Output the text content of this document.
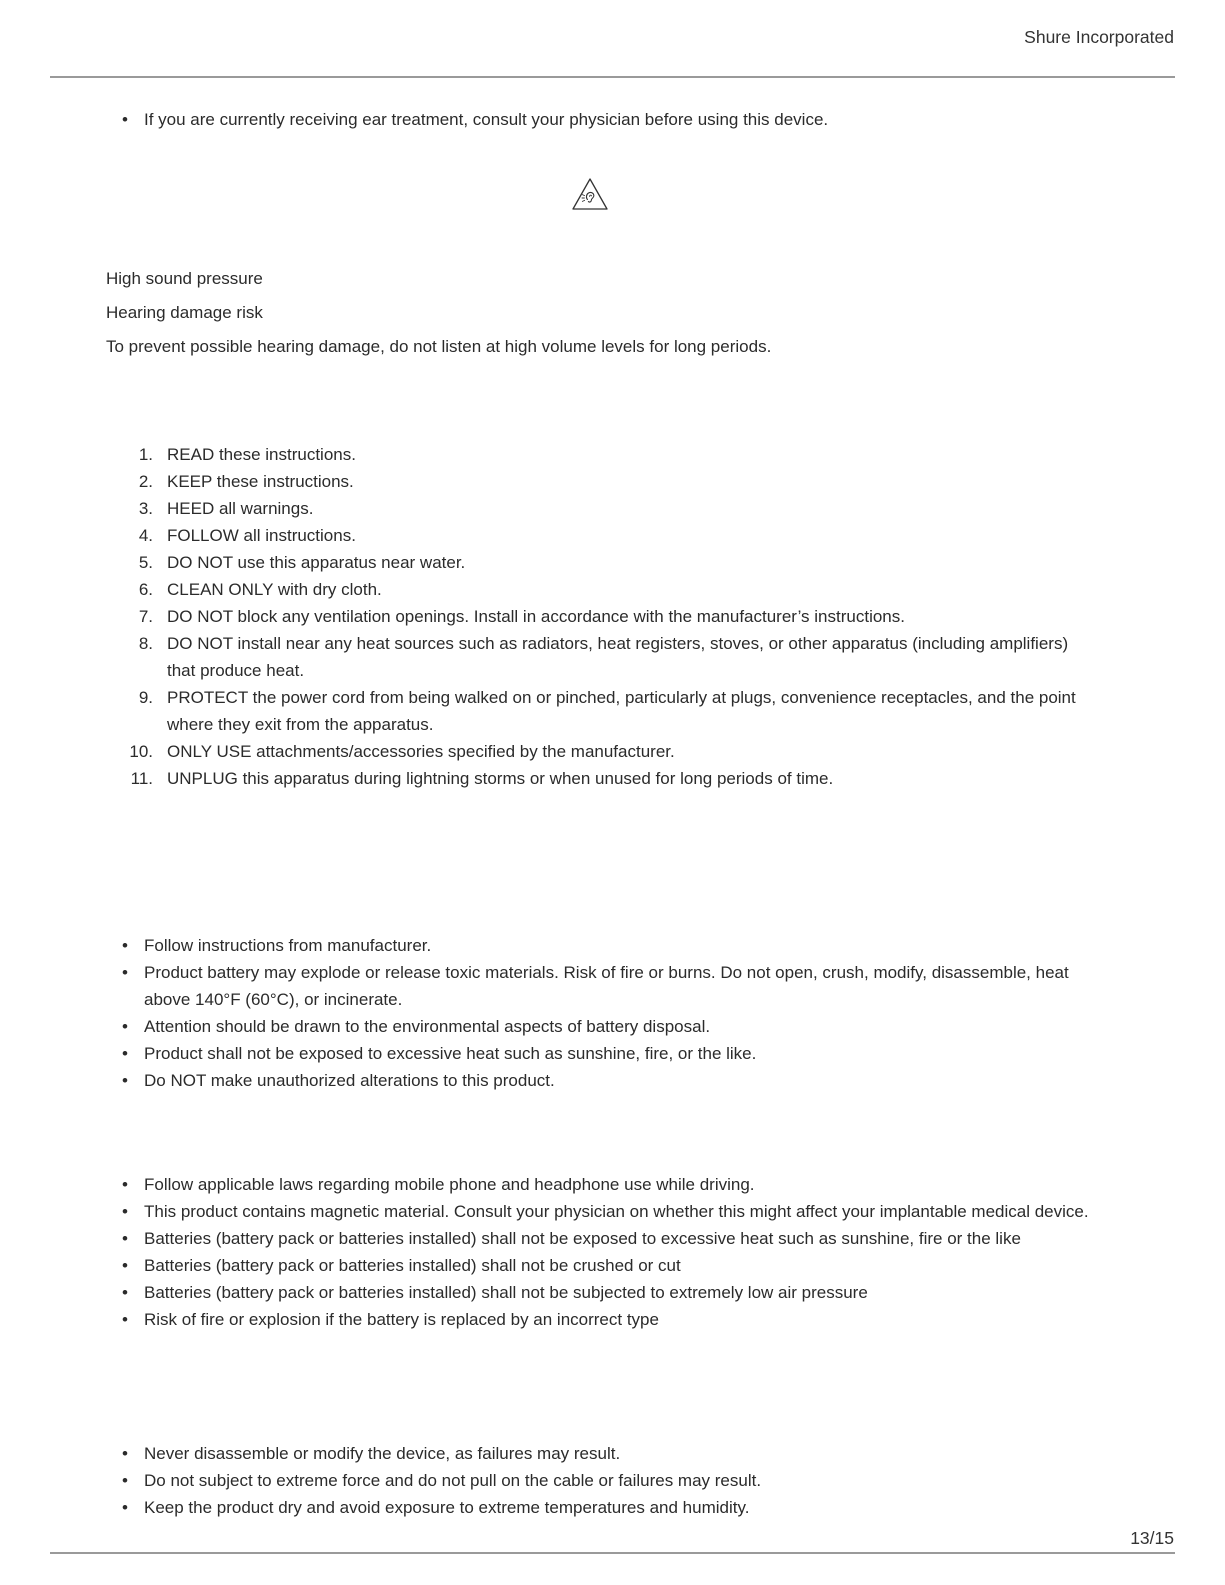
Shure Incorporated
• If you are currently receiving ear treatment, consult your physician before using this device.

High sound pressure

Hearing damage risk

To prevent possible hearing damage, do not listen at high volume levels for long periods.

1. READ these instructions.
2. KEEP these instructions.
3. HEED all warnings.
4. FOLLOW all instructions.
5. DO NOT use this apparatus near water.
6. CLEAN ONLY with dry cloth.
7. DO NOT block any ventilation openings. Install in accordance with the manufacturer’s instructions.
8. DO NOT install near any heat sources such as radiators, heat registers, stoves, or other apparatus (including amplifiers) that produce heat.
9. PROTECT the power cord from being walked on or pinched, particularly at plugs, convenience receptacles, and the point where they exit from the apparatus.
10. ONLY USE attachments/accessories specified by the manufacturer.
11. UNPLUG this apparatus during lightning storms or when unused for long periods of time.
• Follow instructions from manufacturer.
• Product battery may explode or release toxic materials. Risk of fire or burns. Do not open, crush, modify, disassemble, heat above 140°F (60°C), or incinerate.
• Attention should be drawn to the environmental aspects of battery disposal.
• Product shall not be exposed to excessive heat such as sunshine, fire, or the like.
• Do NOT make unauthorized alterations to this product.
• Follow applicable laws regarding mobile phone and headphone use while driving.
• This product contains magnetic material. Consult your physician on whether this might affect your implantable medical device.
• Batteries (battery pack or batteries installed) shall not be exposed to excessive heat such as sunshine, fire or the like
• Batteries (battery pack or batteries installed) shall not be crushed or cut
• Batteries (battery pack or batteries installed) shall not be subjected to extremely low air pressure
• Risk of fire or explosion if the battery is replaced by an incorrect type
• Never disassemble or modify the device, as failures may result.
• Do not subject to extreme force and do not pull on the cable or failures may result.
• Keep the product dry and avoid exposure to extreme temperatures and humidity.
13/15
